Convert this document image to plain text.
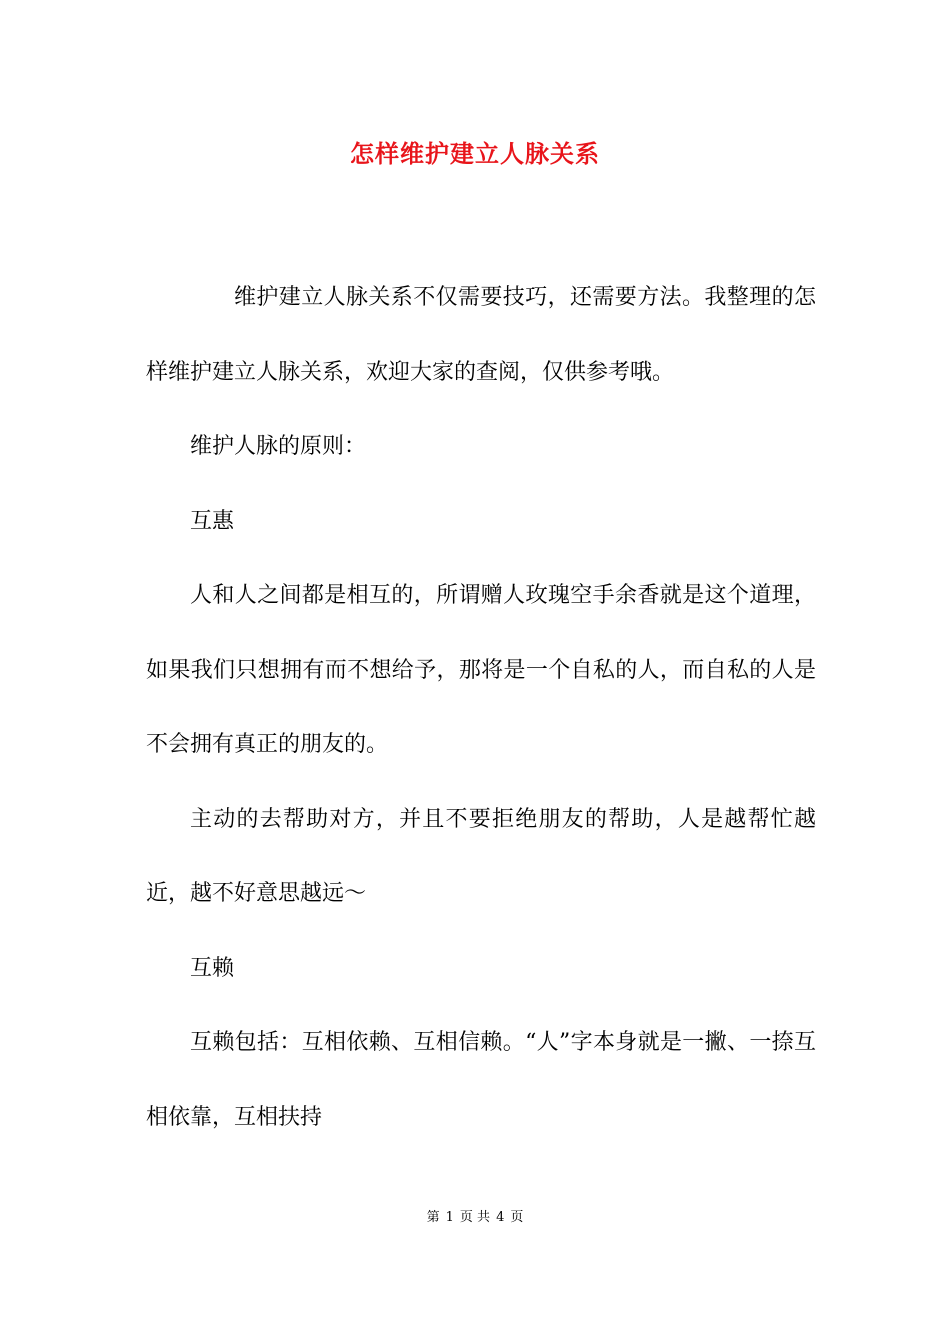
怎样维护建立人脉关系

维护建立人脉关系不仅需要技巧，还需要方法。我整理的怎样维护建立人脉关系，欢迎大家的查阅，仅供参考哦。

维护人脉的原则：

互惠

人和人之间都是相互的，所谓赠人玫瑰空手余香就是这个道理，如果我们只想拥有而不想给予，那将是一个自私的人，而自私的人是不会拥有真正的朋友的。

主动的去帮助对方，并且不要拒绝朋友的帮助，人是越帮忙越近，越不好意思越远～

互赖

互赖包括：互相依赖、互相信赖。“人”字本身就是一撇、一捺互相依靠，互相扶持

第 1 页 共 4 页
